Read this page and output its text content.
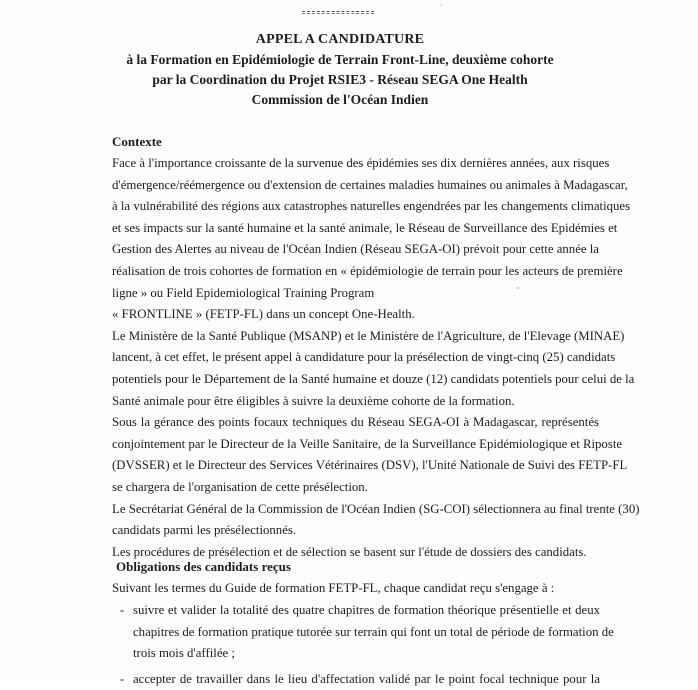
APPEL A CANDIDATURE
à la Formation en Epidémiologie de Terrain Front-Line, deuxième cohorte
par la Coordination du Projet RSIE3 - Réseau SEGA One Health
Commission de l'Océan Indien
Contexte
Face à l'importance croissante de la survenue des épidémies ses dix dernières années, aux risques
d'émergence/réémergence ou d'extension de certaines maladies humaines ou animales à Madagascar,
à la vulnérabilité des régions aux catastrophes naturelles engendrées par les changements climatiques
et ses impacts sur la santé humaine et la santé animale, le Réseau de Surveillance des Epidémies et
Gestion des Alertes au niveau de l'Océan Indien (Réseau SEGA-OI) prévoit pour cette année la
réalisation de trois cohortes de formation en « épidémiologie de terrain pour les acteurs de première
ligne » ou Field Epidemiological Training Program
« FRONTLINE » (FETP-FL) dans un concept One-Health.
Le Ministère de la Santé Publique (MSANP) et le Ministère de l'Agriculture, de l'Elevage (MINAE)
lancent, à cet effet, le présent appel à candidature pour la présélection de vingt-cinq (25) candidats
potentiels pour le Département de la Santé humaine et douze (12) candidats potentiels pour celui de la
Santé animale pour être éligibles à suivre la deuxième cohorte de la formation.
Sous la gérance des points focaux techniques du Réseau SEGA-OI à Madagascar, représentés
conjointement par le Directeur de la Veille Sanitaire, de la Surveillance Epidémiologique et Riposte
(DVSSER) et le Directeur des Services Vétérinaires (DSV), l'Unité Nationale de Suivi des FETP-FL
se chargera de l'organisation de cette présélection.
Le Secrétariat Général de la Commission de l'Océan Indien (SG-COI) sélectionnera au final trente (30)
candidats parmi les présélectionnés.
Les procédures de présélection et de sélection se basent sur l'étude de dossiers des candidats.
Obligations des candidats reçus
Suivant les termes du Guide de formation FETP-FL, chaque candidat reçu s'engage à :
- suivre et valider la totalité des quatre chapitres de formation théorique présentielle et deux
chapitres de formation pratique tutorée sur terrain qui font un total de période de formation de
trois mois d'affilée ;
- accepter de travailler dans le lieu d'affectation validé par le point focal technique pour la
